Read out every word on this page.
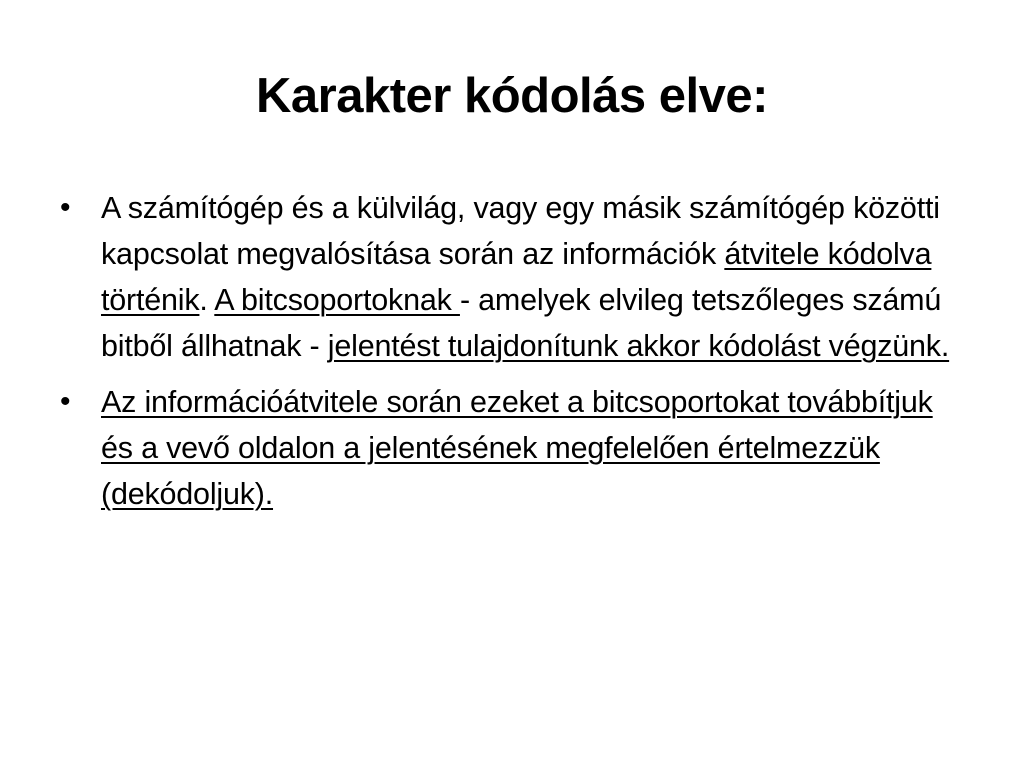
Karakter kódolás elve:
•	A számítógép és a külvilág, vagy egy másik számítógép közötti kapcsolat megvalósítása során az információk átvitele kódolva történik. A bitcsoportoknak - amelyek elvileg tetszőleges számú bitből állhatnak - jelentést tulajdonítunk akkor kódolást végzünk.
•	Az információátvitele során ezeket a bitcsoportokat továbbítjuk és a vevő oldalon a jelentésének megfelelően értelmezzük (dekódoljuk).
